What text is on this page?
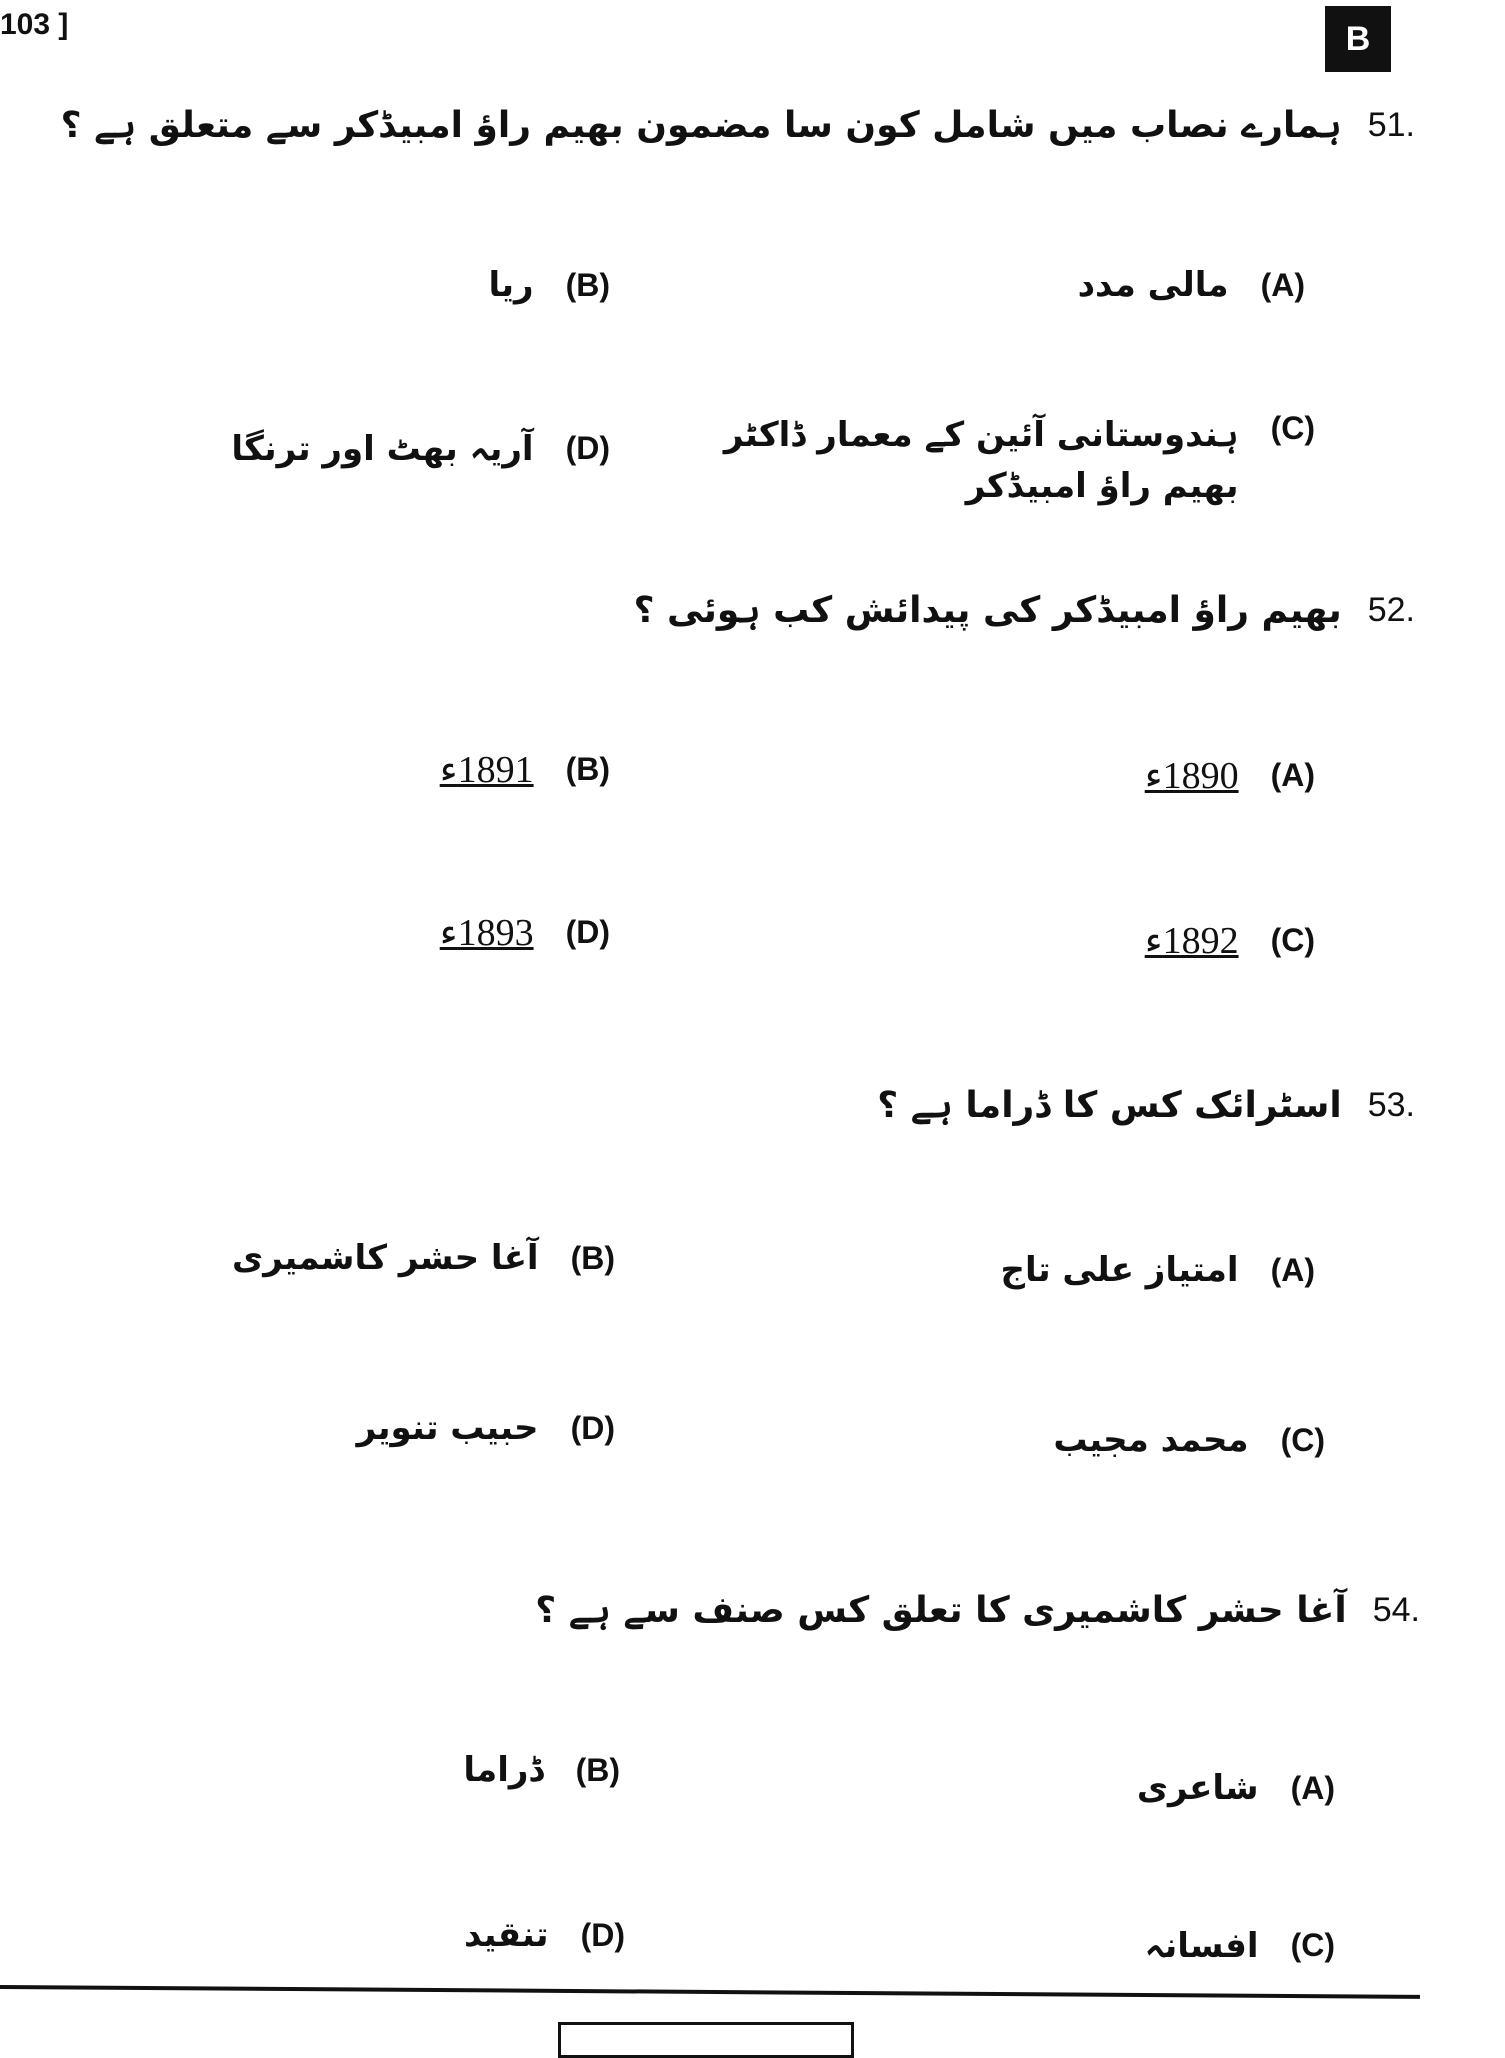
103 ]	B
51.
ہمارے نصاب میں شامل کون سا مضمون بھیم راؤ امبیڈکر سے متعلق ہے ؟
(A)
مالی مدد
(B)
ریا
(C)
ہندوستانی آئین کے معمار ڈاکٹر بھیم راؤ امبیڈکر
(D)
آریہ بھٹ اور ترنگا
52.
بھیم راؤ امبیڈکر کی پیدائش کب ہوئی ؟
(A)
1890ء
(B)
1891ء
(C)
1892ء
(D)
1893ء
53.
اسٹرائک کس کا ڈراما ہے ؟
(A)
امتیاز علی تاج
(B)
آغا حشر کاشمیری
(C)
محمد مجیب
(D)
حبیب تنویر
54.
آغا حشر کاشمیری کا تعلق کس صنف سے ہے ؟
(A)
شاعری
(B)
ڈراما
(C)
افسانہ
(D)
تنقید
